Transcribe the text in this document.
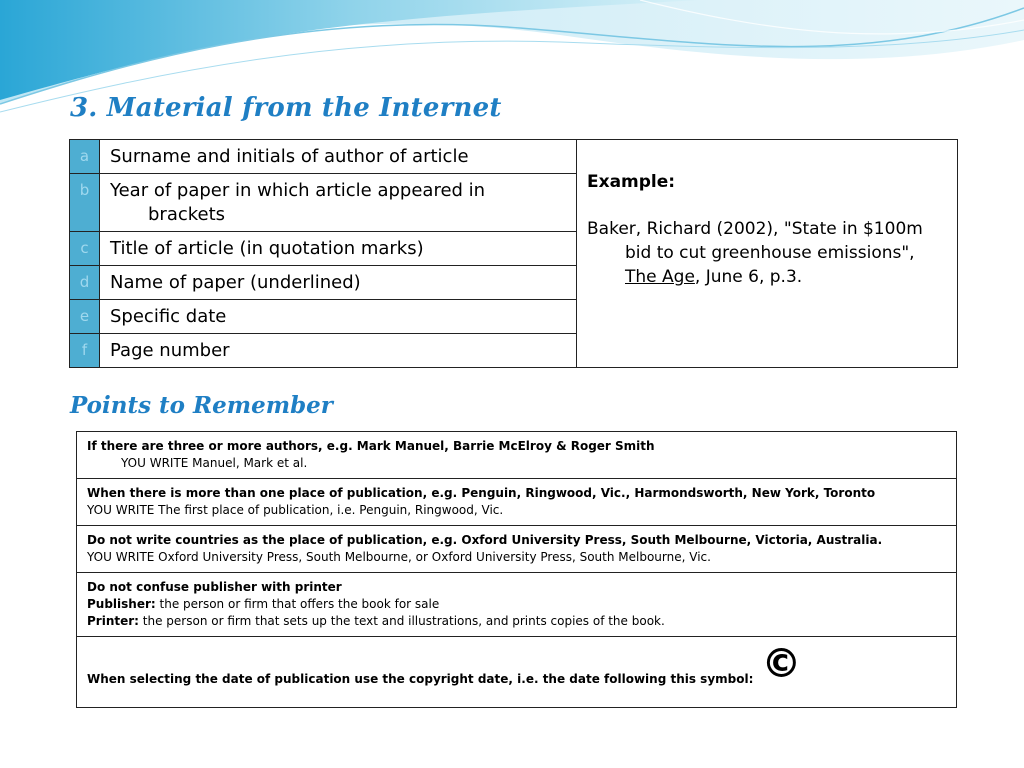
3. Material from the Internet
a	Surname and initials of author of article	Example:
Baker, Richard (2002), "State in $100m bid to cut greenhouse emissions", The Age, June 6, p.3.

b	Year of paper in which article appeared in
brackets	

c	Title of article (in quotation marks)	
d	Name of paper (underlined)	
e	Specific date	
f	Page number	
Points to Remember
If there are three or more authors, e.g. Mark Manuel, Barrie McElroy & Roger Smith

YOU WRITE Manuel, Mark et al.

When there is more than one place of publication, e.g. Penguin, Ringwood, Vic., Harmondsworth, New York, Toronto
YOU WRITE The first place of publication, i.e. Penguin, Ringwood, Vic.
Do not write countries as the place of publication, e.g. Oxford University Press, South Melbourne, Victoria, Australia.
YOU WRITE Oxford University Press, South Melbourne, or Oxford University Press, South Melbourne, Vic.
Do not confuse publisher with printer
Publisher: the person or firm that offers the book for sale
Printer: the person or firm that sets up the text and illustrations, and prints copies of the book.
When selecting the date of publication use the copyright date, i.e. the date following this symbol: ©
